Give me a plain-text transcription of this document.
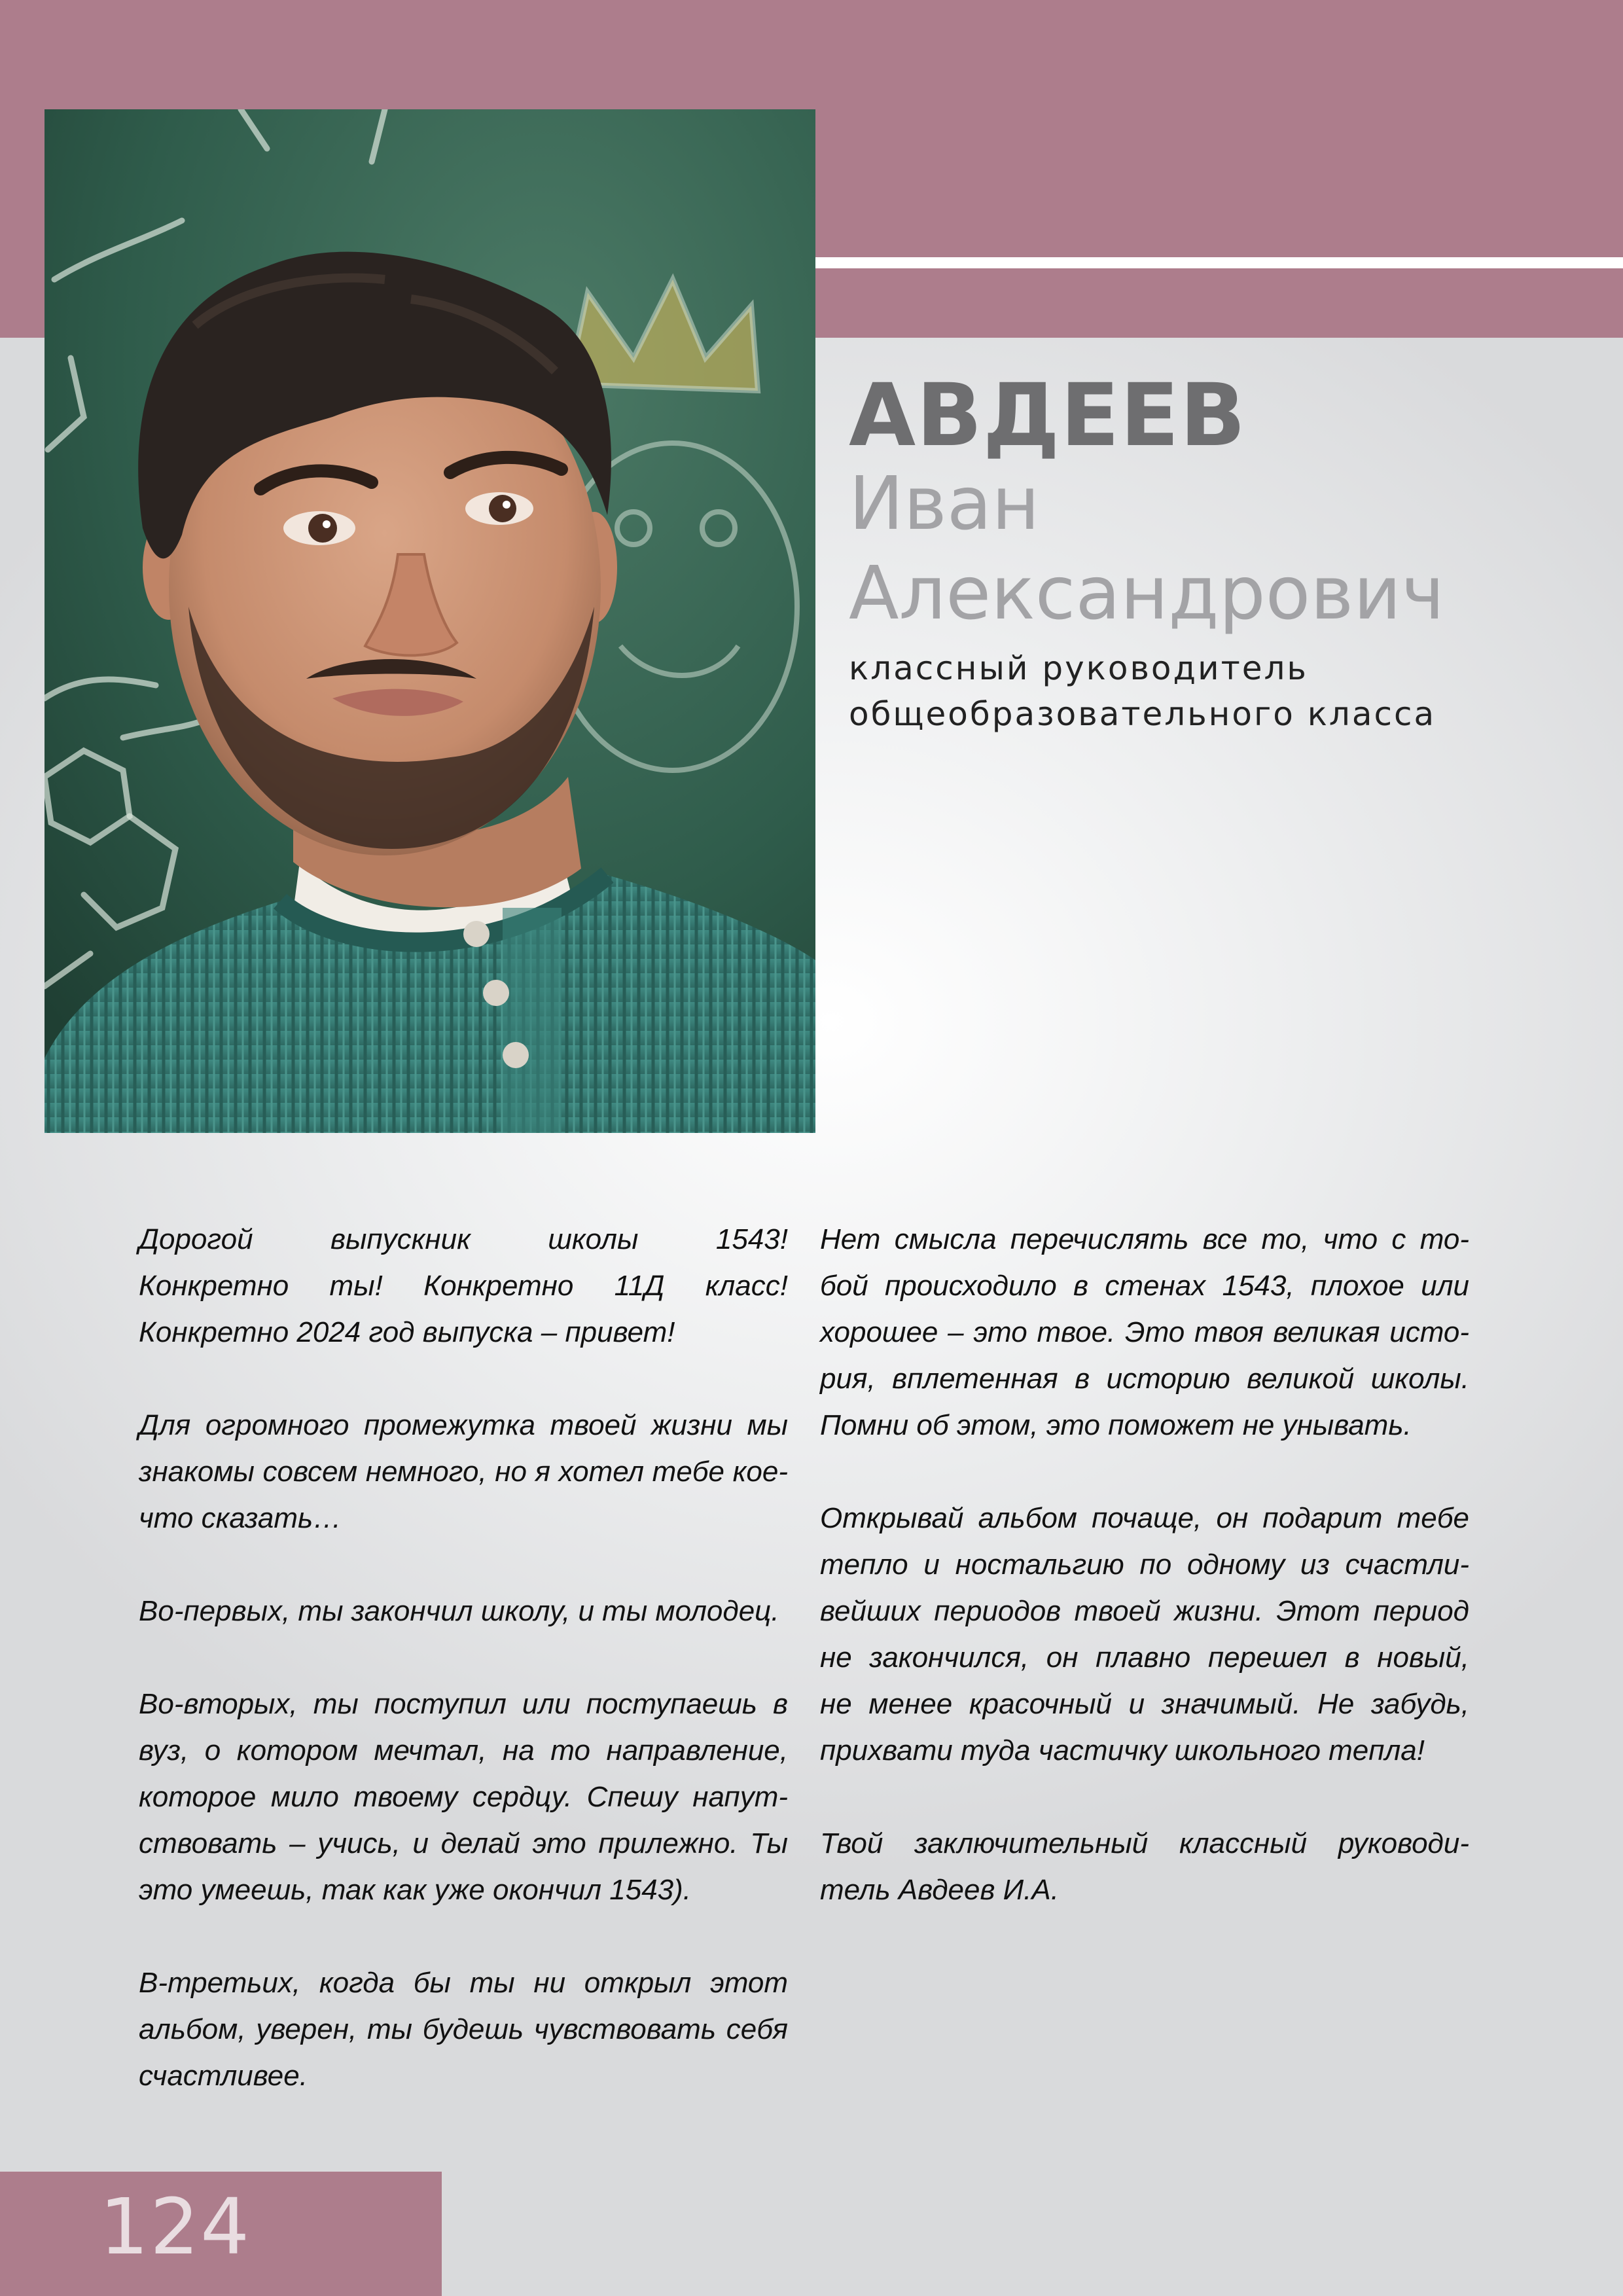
АВДЕЕВ
Иван
Александрович
классный руководитель
общеобразовательного класса
Дорогой выпускник школы 1543!
Конкретно ты! Конкретно 11Д класс!
Конкретно 2024 год выпуска – привет!
Для огромного промежутка твоей жизни мы
знакомы совсем немного, но я хотел тебе кое-
что сказать…
Во-первых, ты закончил школу, и ты молодец.
Во-вторых, ты поступил или поступаешь в
вуз, о котором мечтал, на то направление,
которое мило твоему сердцу. Спешу напут-
ствовать – учись, и делай это прилежно. Ты
это умеешь, так как уже окончил 1543).
В-третьих, когда бы ты ни открыл этот
альбом, уверен, ты будешь чувствовать себя
счастливее.
Нет смысла перечислять все то, что с то-
бой происходило в стенах 1543, плохое или
хорошее – это твое. Это твоя великая исто-
рия, вплетенная в историю великой школы.
Помни об этом, это поможет не унывать.
Открывай альбом почаще, он подарит тебе
тепло и ностальгию по одному из счастли-
вейших периодов твоей жизни. Этот период
не закончился, он плавно перешел в новый,
не менее красочный и значимый. Не забудь,
прихвати туда частичку школьного тепла!
Твой заключительный классный руководи-
тель Авдеев И.А.
124
